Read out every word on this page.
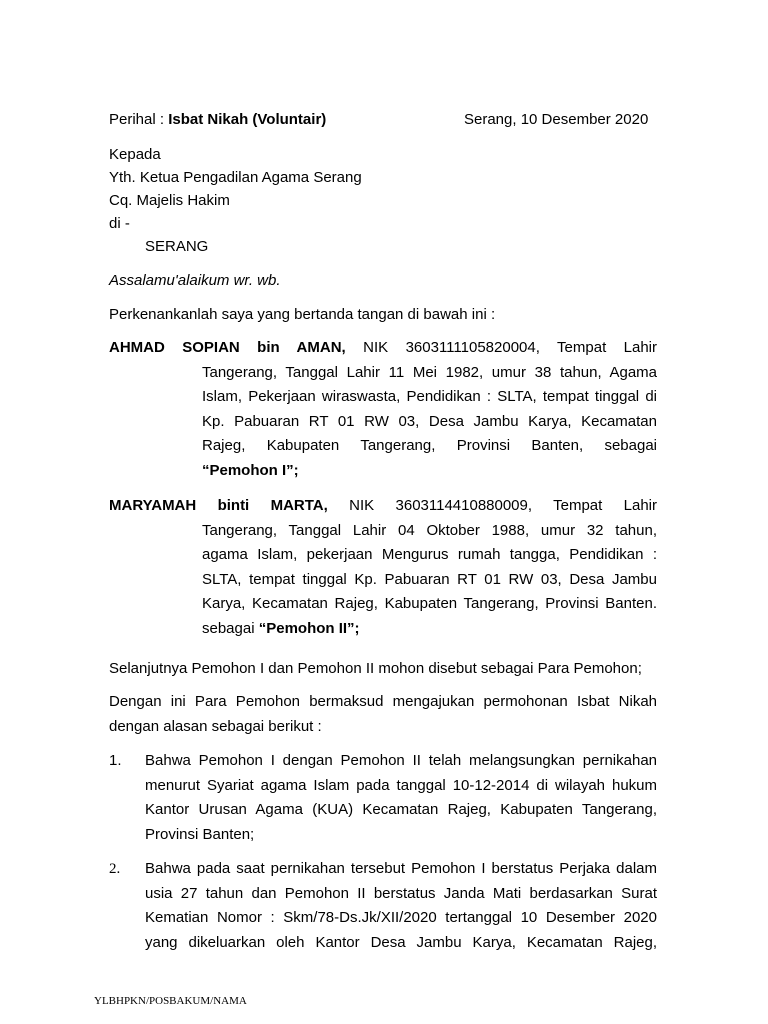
Perihal : Isbat Nikah (Voluntair)	Serang, 10 Desember 2020
Kepada
Yth. Ketua Pengadilan Agama Serang
Cq. Majelis Hakim
di -
SERANG
Assalamu'alaikum wr. wb.
Perkenankanlah saya yang bertanda tangan di bawah ini :
AHMAD SOPIAN bin AMAN, NIK 3603111105820004, Tempat Lahir
Tangerang, Tanggal Lahir 11 Mei 1982, umur 38 tahun, Agama
Islam, Pekerjaan wiraswasta, Pendidikan : SLTA, tempat tinggal di
Kp. Pabuaran RT 01 RW 03, Desa Jambu Karya, Kecamatan
Rajeg, Kabupaten Tangerang, Provinsi Banten, sebagai
“Pemohon I”;
MARYAMAH binti MARTA, NIK 3603114410880009, Tempat Lahir
Tangerang, Tanggal Lahir 04 Oktober 1988, umur 32 tahun,
agama Islam, pekerjaan Mengurus rumah tangga, Pendidikan :
SLTA, tempat tinggal Kp. Pabuaran RT 01 RW 03, Desa Jambu
Karya, Kecamatan Rajeg, Kabupaten Tangerang, Provinsi Banten.
sebagai “Pemohon II”;
Selanjutnya Pemohon I dan Pemohon II mohon disebut sebagai Para Pemohon;
Dengan ini Para Pemohon bermaksud mengajukan permohonan Isbat Nikah
dengan alasan sebagai berikut :
1. Bahwa Pemohon I dengan Pemohon II telah melangsungkan pernikahan
menurut Syariat agama Islam pada tanggal 10-12-2014 di wilayah hukum
Kantor Urusan Agama (KUA) Kecamatan Rajeg, Kabupaten Tangerang,
Provinsi Banten;
2. Bahwa pada saat pernikahan tersebut Pemohon I berstatus Perjaka dalam
usia 27 tahun dan Pemohon II berstatus Janda Mati berdasarkan Surat
Kematian Nomor : Skm/78-Ds.Jk/XII/2020 tertanggal 10 Desember 2020
yang dikeluarkan oleh Kantor Desa Jambu Karya, Kecamatan Rajeg,
YLBHPKN/POSBAKUM/NAMA
